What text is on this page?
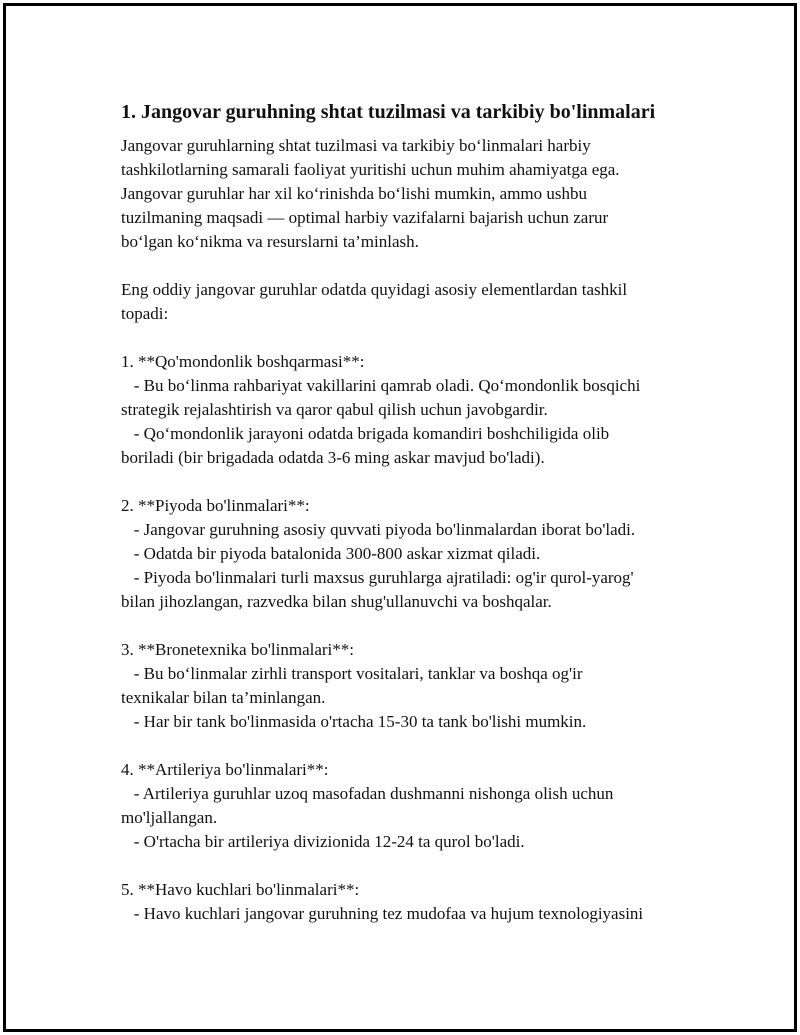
1. Jangovar guruhning shtat tuzilmasi va tarkibiy bo'linmalari

Jangovar guruhlarning shtat tuzilmasi va tarkibiy bo‘linmalari harbiy
tashkilotlarning samarali faoliyat yuritishi uchun muhim ahamiyatga ega.
Jangovar guruhlar har xil ko‘rinishda bo‘lishi mumkin, ammo ushbu
tuzilmaning maqsadi — optimal harbiy vazifalarni bajarish uchun zarur
bo‘lgan ko‘nikma va resurslarni ta’minlash.

Eng oddiy jangovar guruhlar odatda quyidagi asosiy elementlardan tashkil
topadi:

1. **Qo'mondonlik boshqarmasi**:
- Bu bo‘linma rahbariyat vakillarini qamrab oladi. Qo‘mondonlik bosqichi
strategik rejalashtirish va qaror qabul qilish uchun javobgardir.
- Qo‘mondonlik jarayoni odatda brigada komandiri boshchiligida olib
boriladi (bir brigadada odatda 3-6 ming askar mavjud bo'ladi).

2. **Piyoda bo'linmalari**:
- Jangovar guruhning asosiy quvvati piyoda bo'linmalardan iborat bo'ladi.
- Odatda bir piyoda batalonida 300-800 askar xizmat qiladi.
- Piyoda bo'linmalari turli maxsus guruhlarga ajratiladi: og'ir qurol-yarog'
bilan jihozlangan, razvedka bilan shug'ullanuvchi va boshqalar.

3. **Bronetexnika bo'linmalari**:
- Bu bo‘linmalar zirhli transport vositalari, tanklar va boshqa og'ir
texnikalar bilan ta’minlangan.
- Har bir tank bo'linmasida o'rtacha 15-30 ta tank bo'lishi mumkin.

4. **Artileriya bo'linmalari**:
- Artileriya guruhlar uzoq masofadan dushmanni nishonga olish uchun
mo'ljallangan.
- O'rtacha bir artileriya divizionida 12-24 ta qurol bo'ladi.

5. **Havo kuchlari bo'linmalari**:
- Havo kuchlari jangovar guruhning tez mudofaa va hujum texnologiyasini
